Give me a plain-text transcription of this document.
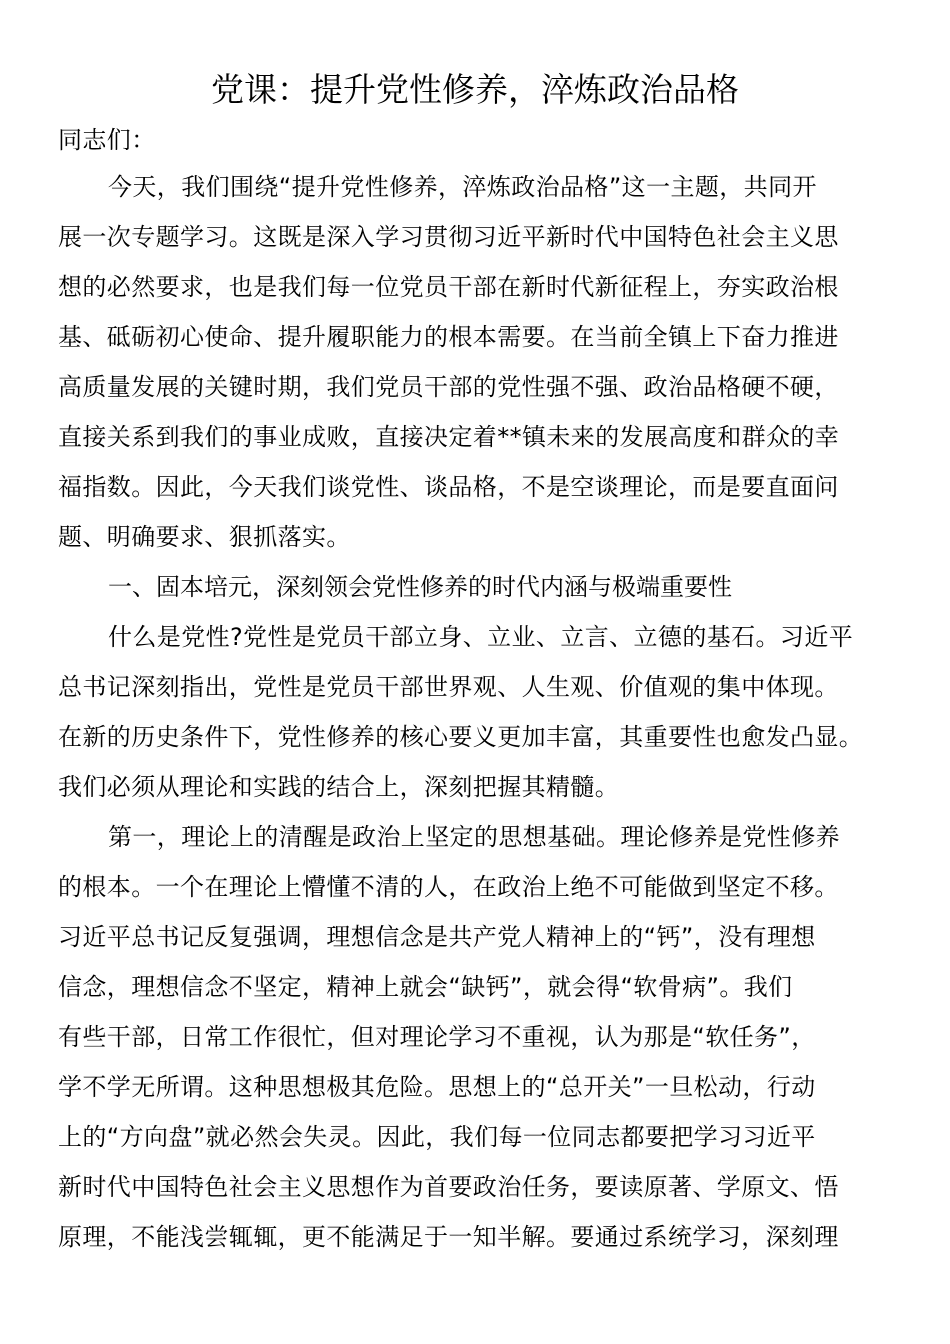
党课：提升党性修养，淬炼政治品格
同志们：
今天，我们围绕“提升党性修养，淬炼政治品格”这一主题，共同开
展一次专题学习。这既是深入学习贯彻习近平新时代中国特色社会主义思
想的必然要求，也是我们每一位党员干部在新时代新征程上，夯实政治根
基、砥砺初心使命、提升履职能力的根本需要。在当前全镇上下奋力推进
高质量发展的关键时期，我们党员干部的党性强不强、政治品格硬不硬，
直接关系到我们的事业成败，直接决定着**镇未来的发展高度和群众的幸
福指数。因此，今天我们谈党性、谈品格，不是空谈理论，而是要直面问
题、明确要求、狠抓落实。
一、固本培元，深刻领会党性修养的时代内涵与极端重要性
什么是党性?党性是党员干部立身、立业、立言、立德的基石。习近平
总书记深刻指出，党性是党员干部世界观、人生观、价值观的集中体现。
在新的历史条件下，党性修养的核心要义更加丰富，其重要性也愈发凸显。
我们必须从理论和实践的结合上，深刻把握其精髓。
第一，理论上的清醒是政治上坚定的思想基础。理论修养是党性修养
的根本。一个在理论上懵懂不清的人，在政治上绝不可能做到坚定不移。
习近平总书记反复强调，理想信念是共产党人精神上的“钙”，没有理想
信念，理想信念不坚定，精神上就会“缺钙”，就会得“软骨病”。我们
有些干部，日常工作很忙，但对理论学习不重视，认为那是“软任务”，
学不学无所谓。这种思想极其危险。思想上的“总开关”一旦松动，行动
上的“方向盘”就必然会失灵。因此，我们每一位同志都要把学习习近平
新时代中国特色社会主义思想作为首要政治任务，要读原著、学原文、悟
原理，不能浅尝辄辄，更不能满足于一知半解。要通过系统学习，深刻理
